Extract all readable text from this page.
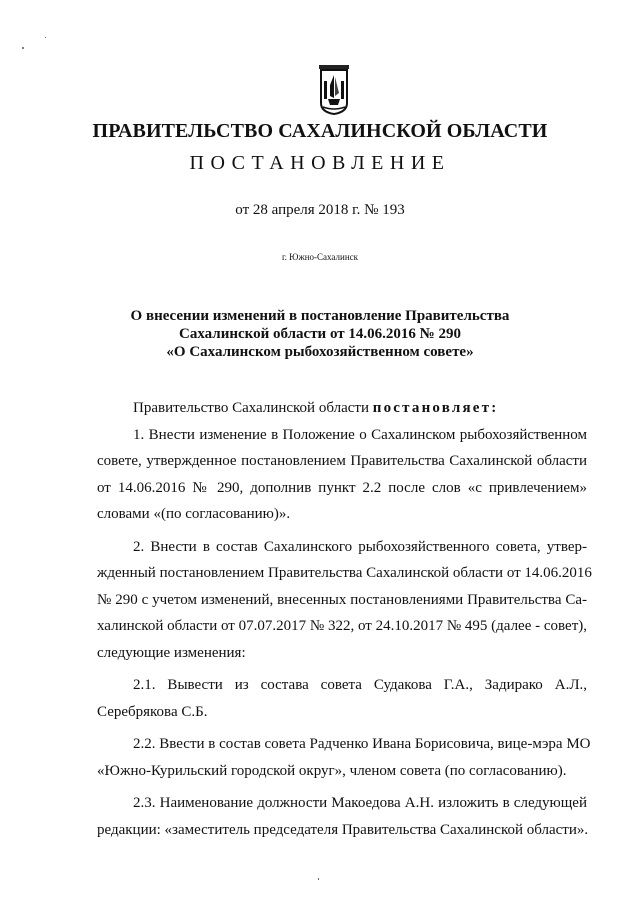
ПРАВИТЕЛЬСТВО САХАЛИНСКОЙ ОБЛАСТИ
ПОСТАНОВЛЕНИЕ
от 28 апреля 2018 г. № 193
г. Южно-Сахалинск
О внесении изменений в постановление Правительства
Сахалинской области от 14.06.2016 № 290
«О Сахалинском рыбохозяйственном совете»
Правительство Сахалинской области постановляет:
1. Внести изменение в Положение о Сахалинском рыбохозяйственном
совете, утвержденное постановлением Правительства Сахалинской области
от 14.06.2016 № 290, дополнив пункт 2.2 после слов «с привлечением»
словами «(по согласованию)».
2. Внести в состав Сахалинского рыбохозяйственного совета, утвер-
жденный постановлением Правительства Сахалинской области от 14.06.2016
№ 290 с учетом изменений, внесенных постановлениями Правительства Са-
халинской области от 07.07.2017 № 322, от 24.10.2017 № 495 (далее - совет),
следующие изменения:
2.1. Вывести из состава совета Судакова Г.А., Задирако А.Л.,
Серебрякова С.Б.
2.2. Ввести в состав совета Радченко Ивана Борисовича, вице-мэра МО
«Южно-Курильский городской округ», членом совета (по согласованию).
2.3. Наименование должности Макоедова А.Н. изложить в следующей
редакции: «заместитель председателя Правительства Сахалинской области».
